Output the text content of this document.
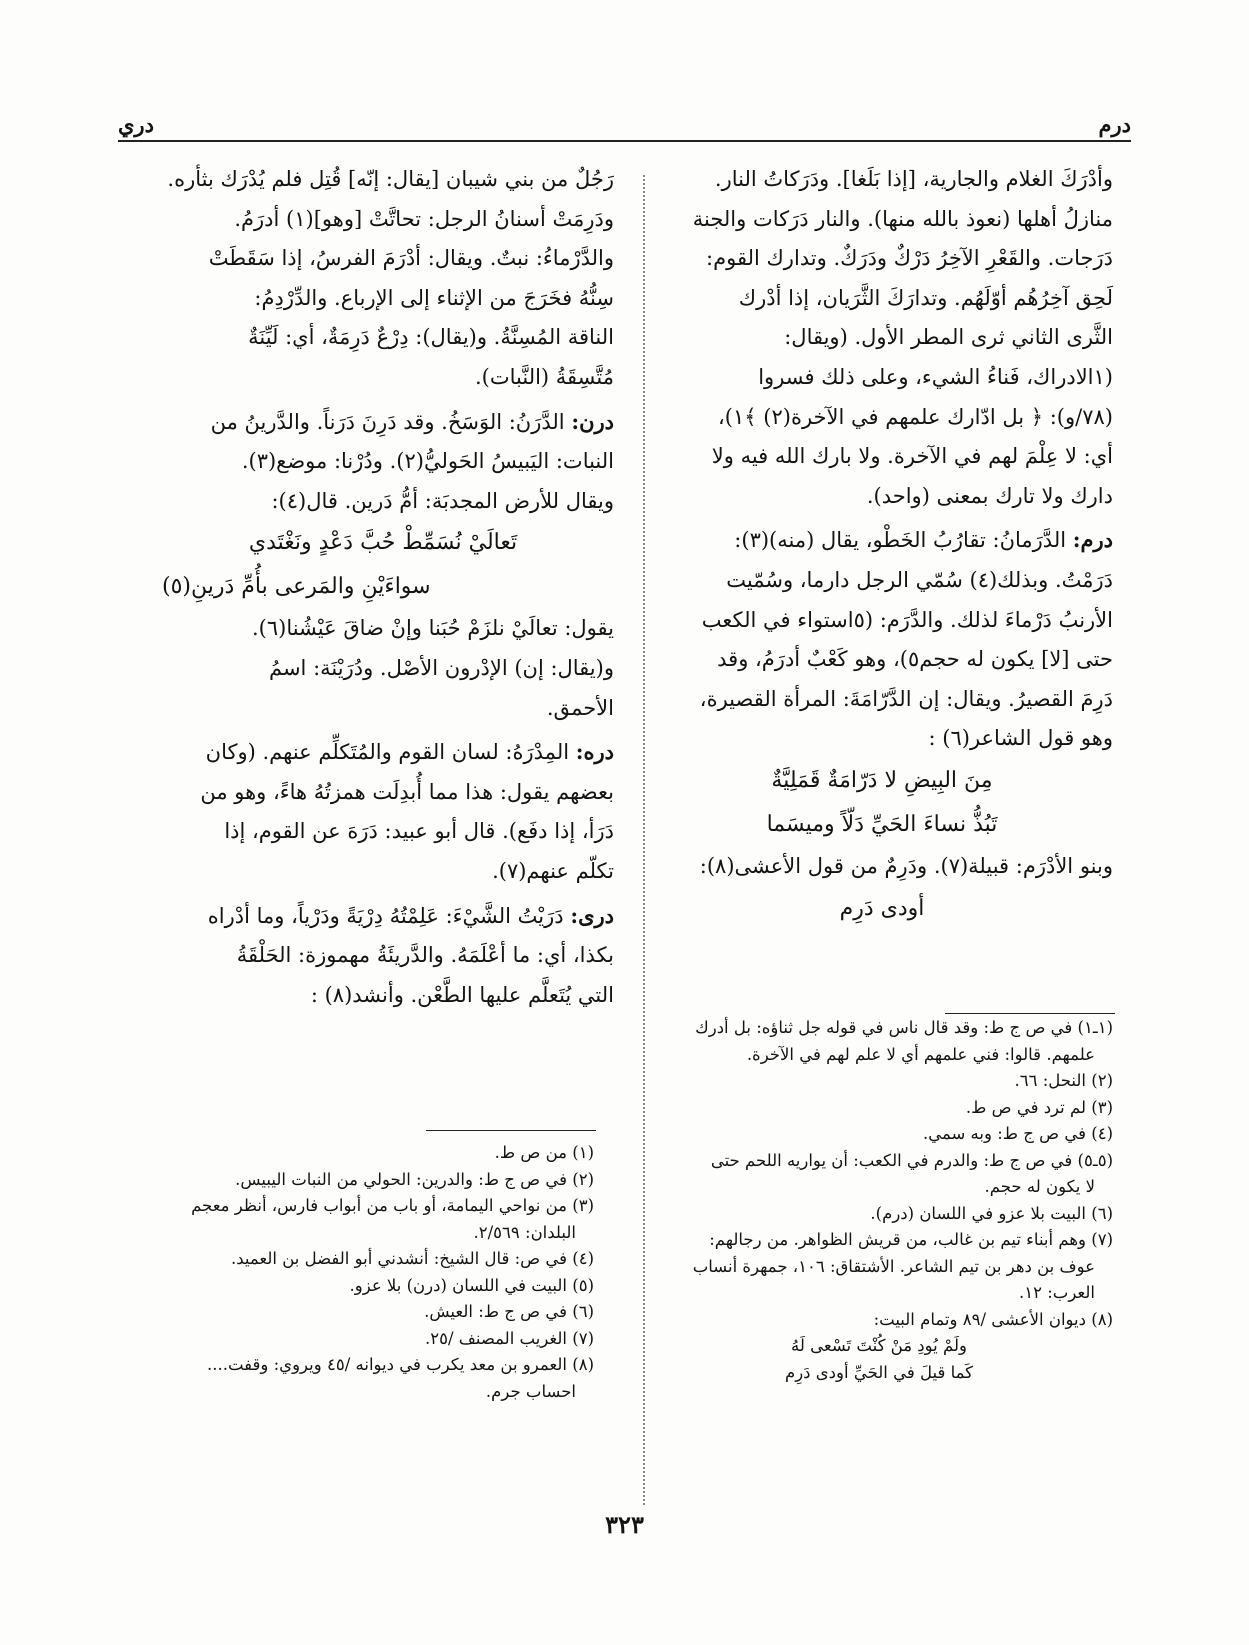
درم
دري

وأدْرَكَ الغلام والجارية، [إذا بَلَغا]. ودَرَكاتُ النار.

منازلُ أهلها (نعوذ بالله منها). والنار دَرَكات والجنة

دَرَجات. والقَعْرِ الآخِرُ دَرْكٌ ودَرَكٌ. وتدارك القوم:

لَحِق آخِرُهُم أوّلَهُم. وتدارَكَ الثَّرَيان، إذا أدْرك

الثَّرى الثاني ثرى المطر الأول. (ويقال:

(١الادراك، فَناءُ الشيء، وعلى ذلك فسروا

(٧٨/و): ﴿ بل ادّارك علمهم في الآخرة(٢) ﴾١)،

أي: لا عِلْمَ لهم في الآخرة. ولا بارك الله فيه ولا

دارك ولا تارك بمعنى (واحد).

درم: الدَّرَمانُ: تقارُبُ الخَطْو، يقال (منه)(٣):

دَرَمْتُ. وبذلك(٤) سُمّي الرجل دارما، وسُمّيت

الأرنبُ دَرْماءَ لذلك. والدَّرَم: (٥استواء في الكعب

حتى [لا] يكون له حجم٥)، وهو كَعْبٌ أدرَمُ، وقد

دَرِمَ القصيرُ. ويقال: إن الدَّرّامَةَ: المرأة القصيرة،

وهو قول الشاعر(٦) :

مِنَ البِيضِ لا دَرّامَةٌ قَمَلِيَّةٌ
تَبُذُّ نساءَ الحَيِّ دَلّاً وميسَما

وبنو الأدْرَم: قبيلة(٧). ودَرِمٌ من قول الأعشى(٨):

أودى دَرِم

رَجُلٌ من بني شيبان [يقال: إنّه] قُتِل فلم يُدْرَك بثأره.

ودَرِمَتْ أسنانُ الرجل: تحاتَّتْ [وهو](١) أدرَمُ.

والدَّرْماءُ: نبتٌ. ويقال: أدْرَمَ الفرسُ، إذا سَقَطَتْ

سِنُّهُ فخَرَجَ من الإثناء إلى الإرباع. والدِّرْدِمُ:

الناقة المُسِنَّةُ. و(يقال): دِرْعٌ دَرِمَةٌ، أي: لَيِّنَةٌ

مُتَّسِقَةُ (النَّبات).

درن: الدَّرَنُ: الوَسَخُ. وقد دَرِنَ دَرَناً. والدَّرينُ من

النبات: اليَبيسُ الحَوليُّ(٢). ودُرْنا: موضع(٣).

ويقال للأرض المجدبَة: أمُّ دَرين. قال(٤):

تَعالَيْ نُسَمِّطْ حُبَّ دَعْدٍ ونَغْتَدي
سواءَيْنِ والمَرعى بأُمِّ دَرينِ(٥)

يقول: تعالَيْ نلزَمْ حُبَنا وإنْ ضاقَ عَيْشُنا(٦).

و(يقال: إن) الإدْرون الأصْل. ودُرَيْنَة: اسمُ

الأحمق.

دره: المِدْرَهُ: لسان القوم والمُتَكلِّم عنهم. (وكان

بعضهم يقول: هذا مما أُبدِلَت همزتُهُ هاءً، وهو من

دَرَأ، إذا دفَع). قال أبو عبيد: دَرَهَ عن القوم، إذا

تكلّم عنهم(٧).

درى: دَرَيْتُ الشَّيْءَ: عَلِمْتُهُ دِرْيَةً ودَرْياً، وما أدْراه

بكذا، أي: ما أعْلَمَهُ. والدَّريئَةُ مهموزة: الحَلْقَةُ

التي يُتَعلَّم عليها الطَّعْن. وأنشد(٨) :

(١ـ١) في ص ج ط: وقد قال ناس في قوله جل ثناؤه: بل أدرك

علمهم. قالوا: فني علمهم أي لا علم لهم في الآخرة.

(٢) النحل: ٦٦.

(٣) لم ترد في ص ط.

(٤) في ص ج ط: وبه سمي.

(٥ـ٥) في ص ج ط: والدرم في الكعب: أن يواريه اللحم حتى

لا يكون له حجم.

(٦) البيت بلا عزو في اللسان (درم).

(٧) وهم أبناء تيم بن غالب، من قريش الظواهر. من رجالهم:

عوف بن دهر بن تيم الشاعر. الأشتقاق: ١٠٦، جمهرة أنساب

العرب: ١٢.

(٨) ديوان الأعشى /٨٩ وتمام البيت:

ولَمْ يُودِ مَنْ كُنْتَ تَسْعى لَهُ

كَما قيلَ في الحَيِّ أودى دَرِم

(١) من ص ط.

(٢) في ص ج ط: والدرين: الحولي من النبات اليبيس.

(٣) من نواحي اليمامة، أو باب من أبواب فارس، أنظر معجم

البلدان: ٢/٥٦٩.

(٤) في ص: قال الشيخ: أنشدني أبو الفضل بن العميد.

(٥) البيت في اللسان (درن) بلا عزو.

(٦) في ص ج ط: العيش.

(٧) الغريب المصنف /٢٥.

(٨) العمرو بن معد يكرب في ديوانه /٤٥ ويروي: وقفت....

احساب جرم.

٣٢٣
